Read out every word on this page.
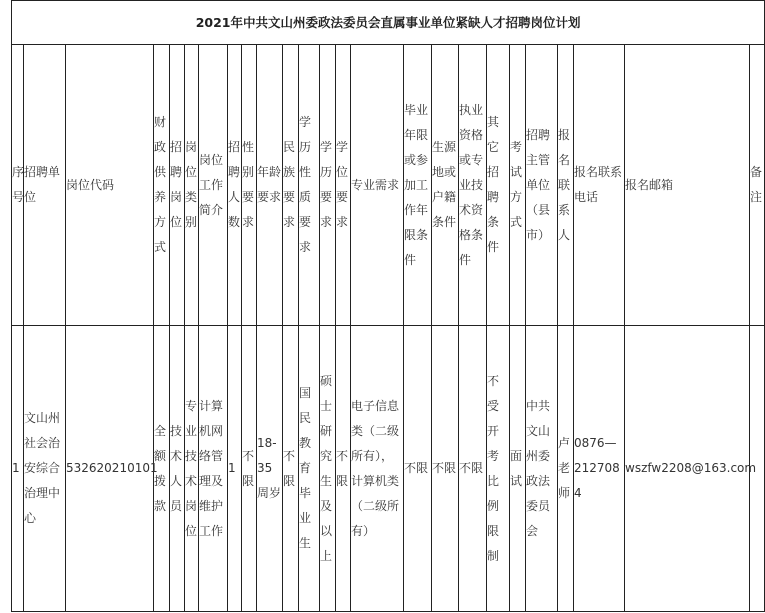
2021年中共文山州委政法委员会直属事业单位紧缺人才招聘岗位计划																								
序号	招聘单位	岗位代码	财政供养方式	招聘岗位	岗位类别	岗位工作简介	招聘人数	性别要求	年龄要求	民族要求	学历性质要求	学历要求	学位要求	专业需求	毕业年限或参加工作年限条件	生源地或户籍条件	执业资格或专业技术资格条件	其它招聘条件	考试方式	招聘主管单位（县市）	报名联系人	报名联系电话	报名邮箱	备注
1	文山州社会治安综合治理中心	532620210101	全额拨款	技术人员	专业技术岗位	计算机网络管理及维护工作	1	不限	18-35周岁	不限	国民教育毕业生	硕士研究生及以上	不限	电子信息类（二级所有），计算机类（二级所有）	不限	不限	不限	不受开考比例限制	面试	中共文山州委政法委员会	卢老师	0876—2127084	wszfw2208@163.com	
